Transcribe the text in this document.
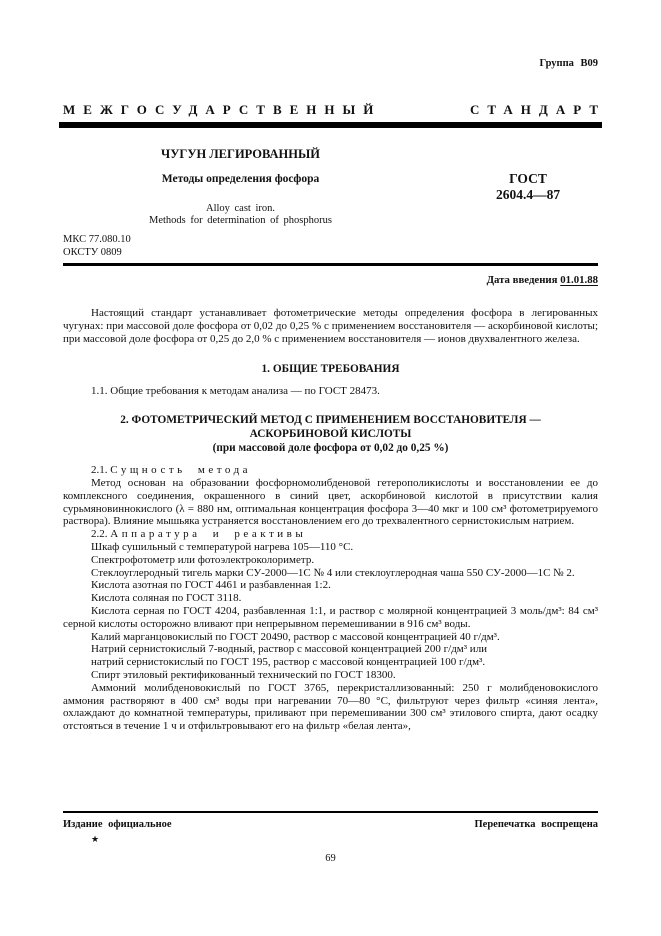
Группа В09
МЕЖГОСУДАРСТВЕННЫЙ	СТАНДАРТ

ЧУГУН ЛЕГИРОВАННЫЙ

Методы определения фосфора

Alloy cast iron.

Methods for determination of phosphorus

ГОСТ
2604.4—87
МКС 77.080.10
ОКСТУ 0809
Дата введения 01.01.88

Настоящий стандарт устанавливает фотометрические методы определения фосфора в легированных чугунах: при массовой доле фосфора от 0,02 до 0,25 % с применением восстановителя — аскорбиновой кислоты; при массовой доле фосфора от 0,25 до 2,0 % с применением восстановителя — ионов двухвалентного железа.

1. ОБЩИЕ ТРЕБОВАНИЯ

1.1. Общие требования к методам анализа — по ГОСТ 28473.

2. ФОТОМЕТРИЧЕСКИЙ МЕТОД С ПРИМЕНЕНИЕМ ВОССТАНОВИТЕЛЯ —

АСКОРБИНОВОЙ КИСЛОТЫ

(при массовой доле фосфора от 0,02 до 0,25 %)

2.1. Сущность метода

Метод основан на образовании фосфорномолибденовой гетерополикислоты и восстановлении ее до комплексного соединения, окрашенного в синий цвет, аскорбиновой кислотой в присутствии калия сурьмяновиннокислого (λ = 880 нм, оптимальная концентрация фосфора 3—40 мкг и 100 см³ фотометрируемого раствора). Влияние мышьяка устраняется восстановлением его до трехвалентного сернистокислым натрием.

2.2. Аппаратура и реактивы

Шкаф сушильный с температурой нагрева 105—110 °С.

Спектрофотометр или фотоэлектроколориметр.

Стеклоуглеродный тигель марки СУ-2000—1С № 4 или стеклоуглеродная чаша 550 СУ-2000—1С № 2.

Кислота азотная по ГОСТ 4461 и разбавленная 1:2.

Кислота соляная по ГОСТ 3118.

Кислота серная по ГОСТ 4204, разбавленная 1:1, и раствор с молярной концентрацией 3 моль/дм³: 84 см³ серной кислоты осторожно вливают при непрерывном перемешивании в 916 см³ воды.

Калий марганцовокислый по ГОСТ 20490, раствор с массовой концентрацией 40 г/дм³.

Натрий сернистокислый 7-водный, раствор с массовой концентрацией 200 г/дм³ или

натрий сернистокислый по ГОСТ 195, раствор с массовой концентрацией 100 г/дм³.

Спирт этиловый ректификованный технический по ГОСТ 18300.

Аммоний молибденовокислый по ГОСТ 3765, перекристаллизованный: 250 г молибденовокислого аммония растворяют в 400 см³ воды при нагревании 70—80 °С, фильтруют через фильтр «синяя лента», охлаждают до комнатной температуры, приливают при перемешивании 300 см³ этилового спирта, дают осадку отстояться в течение 1 ч и отфильтровывают его на фильтр «белая лента»,

Издание официальное	Перепечатка воспрещена
★
69
